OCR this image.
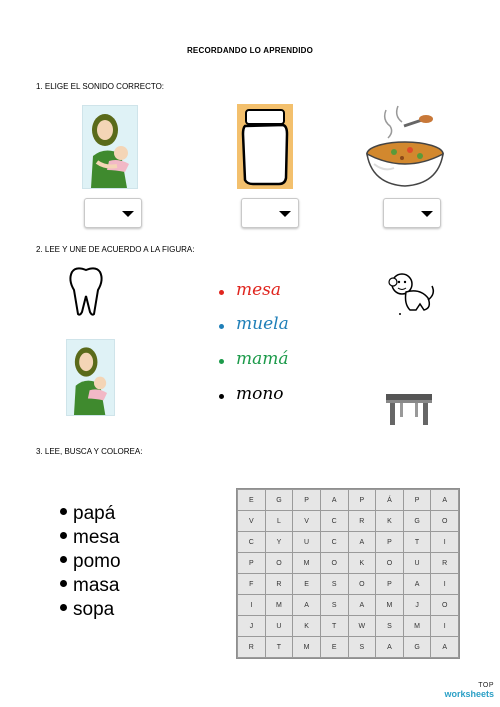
RECORDANDO LO APRENDIDO
1. ELIGE EL SONIDO CORRECTO:
2. LEE Y UNE DE ACUERDO A LA FIGURA:
mesa
muela
mamá
mono
3. LEE, BUSCA Y COLOREA:
papá
mesa
pomo
masa
sopa
E	G	P	A	P	Á	P	A
V	L	V	C	R	K	G	O
C	Y	U	C	A	P	T	I
P	O	M	O	K	O	U	R
F	R	E	S	O	P	A	I
I	M	A	S	A	M	J	O
J	U	K	T	W	S	M	I
R	T	M	E	S	A	G	A
TOP
worksheets
